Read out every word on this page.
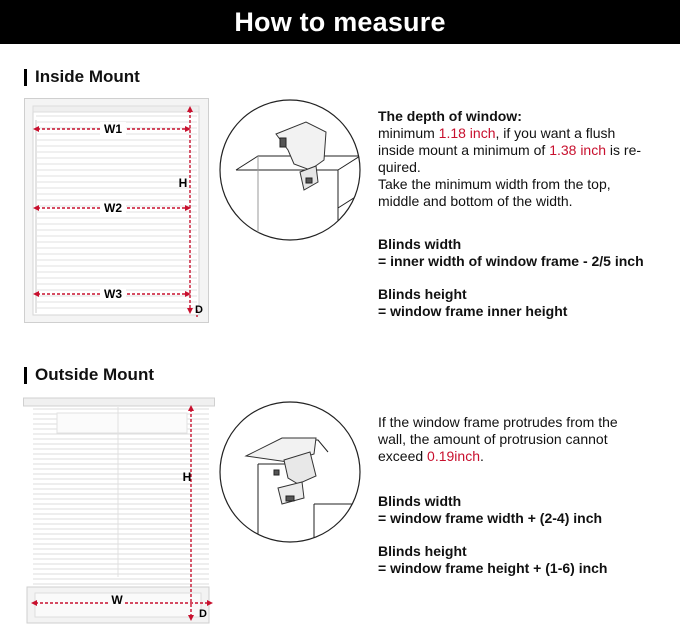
How to measure
Inside Mount
W1
W2
W3
H
D

The depth of window:

minimum 1.18 inch, if you want a flush

inside mount a minimum of 1.38 inch is re-

quired.

Take the minimum width from the top,

middle and bottom of the width.

Blinds width

= inner width of window frame - 2/5 inch

Blinds height

= window frame inner height

Outside Mount
W
H
D

If the window frame protrudes from the

wall, the amount of protrusion cannot

exceed 0.19inch.

Blinds width

= window frame width + (2-4) inch

Blinds height

= window frame height + (1-6) inch
